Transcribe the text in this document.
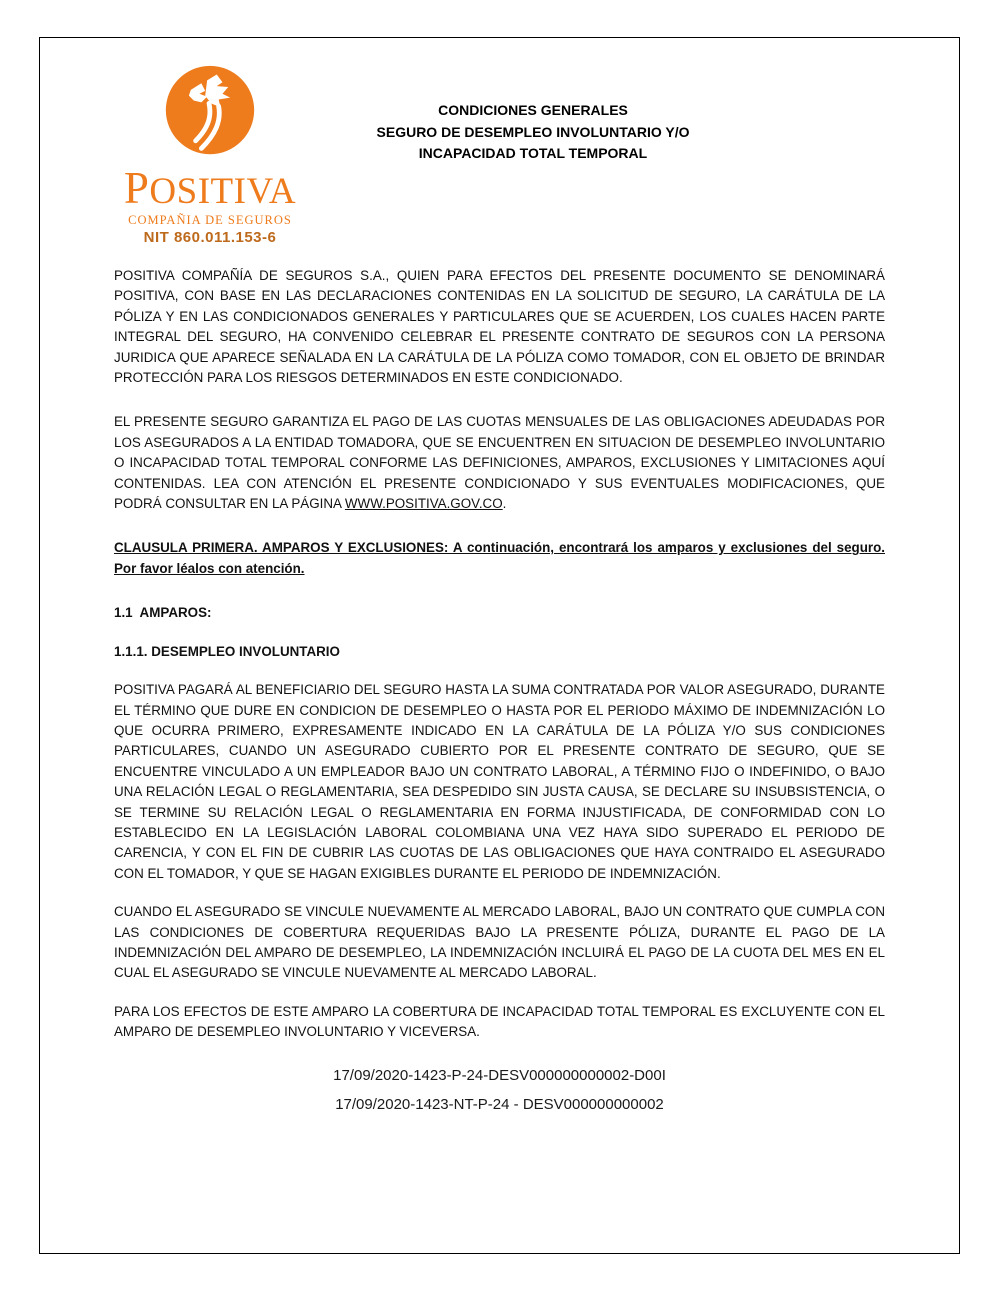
POSITIVA
COMPAÑIA DE SEGUROS
NIT 860.011.153-6
CONDICIONES GENERALES
SEGURO DE DESEMPLEO INVOLUNTARIO Y/O
INCAPACIDAD TOTAL TEMPORAL

POSITIVA COMPAÑÍA DE SEGUROS S.A., QUIEN PARA EFECTOS DEL PRESENTE DOCUMENTO SE DENOMINARÁ POSITIVA, CON BASE EN LAS DECLARACIONES CONTENIDAS EN LA SOLICITUD DE SEGURO, LA CARÁTULA DE LA PÓLIZA Y EN LAS CONDICIONADOS GENERALES Y PARTICULARES QUE SE ACUERDEN, LOS CUALES HACEN PARTE INTEGRAL DEL SEGURO, HA CONVENIDO CELEBRAR EL PRESENTE CONTRATO DE SEGUROS CON LA PERSONA JURIDICA QUE APARECE SEÑALADA EN LA CARÁTULA DE LA PÓLIZA COMO TOMADOR, CON EL OBJETO DE BRINDAR PROTECCIÓN PARA LOS RIESGOS DETERMINADOS EN ESTE CONDICIONADO.

EL PRESENTE SEGURO GARANTIZA EL PAGO DE LAS CUOTAS MENSUALES DE LAS OBLIGACIONES ADEUDADAS POR LOS ASEGURADOS A LA ENTIDAD TOMADORA, QUE SE ENCUENTREN EN SITUACION DE DESEMPLEO INVOLUNTARIO O INCAPACIDAD TOTAL TEMPORAL CONFORME LAS DEFINICIONES, AMPAROS, EXCLUSIONES Y LIMITACIONES AQUÍ CONTENIDAS. LEA CON ATENCIÓN EL PRESENTE CONDICIONADO Y SUS EVENTUALES MODIFICACIONES, QUE PODRÁ CONSULTAR EN LA PÁGINA WWW.POSITIVA.GOV.CO.

CLAUSULA PRIMERA. AMPAROS Y EXCLUSIONES: A continuación, encontrará los amparos y exclusiones del seguro. Por favor léalos con atención.

1.1  AMPAROS:

1.1.1. DESEMPLEO INVOLUNTARIO

POSITIVA PAGARÁ AL BENEFICIARIO DEL SEGURO HASTA LA SUMA CONTRATADA POR VALOR ASEGURADO, DURANTE EL TÉRMINO QUE DURE EN CONDICION DE DESEMPLEO O HASTA POR EL PERIODO MÁXIMO DE INDEMNIZACIÓN LO QUE OCURRA PRIMERO, EXPRESAMENTE INDICADO EN LA CARÁTULA DE LA PÓLIZA Y/O SUS CONDICIONES PARTICULARES, CUANDO UN ASEGURADO CUBIERTO POR EL PRESENTE CONTRATO DE SEGURO, QUE SE ENCUENTRE VINCULADO A UN EMPLEADOR BAJO UN CONTRATO LABORAL, A TÉRMINO FIJO O INDEFINIDO, O BAJO UNA RELACIÓN LEGAL O REGLAMENTARIA, SEA DESPEDIDO SIN JUSTA CAUSA, SE DECLARE SU INSUBSISTENCIA, O SE TERMINE SU RELACIÓN LEGAL O REGLAMENTARIA EN FORMA INJUSTIFICADA, DE CONFORMIDAD CON LO ESTABLECIDO EN LA LEGISLACIÓN LABORAL COLOMBIANA UNA VEZ HAYA SIDO SUPERADO EL PERIODO DE CARENCIA, Y CON EL FIN DE CUBRIR LAS CUOTAS DE LAS OBLIGACIONES QUE HAYA CONTRAIDO EL ASEGURADO CON EL TOMADOR, Y QUE SE HAGAN EXIGIBLES DURANTE EL PERIODO DE INDEMNIZACIÓN.

CUANDO EL ASEGURADO SE VINCULE NUEVAMENTE AL MERCADO LABORAL, BAJO UN CONTRATO QUE CUMPLA CON LAS CONDICIONES DE COBERTURA REQUERIDAS BAJO LA PRESENTE PÓLIZA, DURANTE EL PAGO DE LA INDEMNIZACIÓN DEL AMPARO DE DESEMPLEO, LA INDEMNIZACIÓN INCLUIRÁ EL PAGO DE LA CUOTA DEL MES EN EL CUAL EL ASEGURADO SE VINCULE NUEVAMENTE AL MERCADO LABORAL.

PARA LOS EFECTOS DE ESTE AMPARO LA COBERTURA DE INCAPACIDAD TOTAL TEMPORAL ES EXCLUYENTE CON EL AMPARO DE DESEMPLEO INVOLUNTARIO Y VICEVERSA.

17/09/2020-1423-P-24-DESV000000000002-D00I
17/09/2020-1423-NT-P-24 - DESV000000000002
